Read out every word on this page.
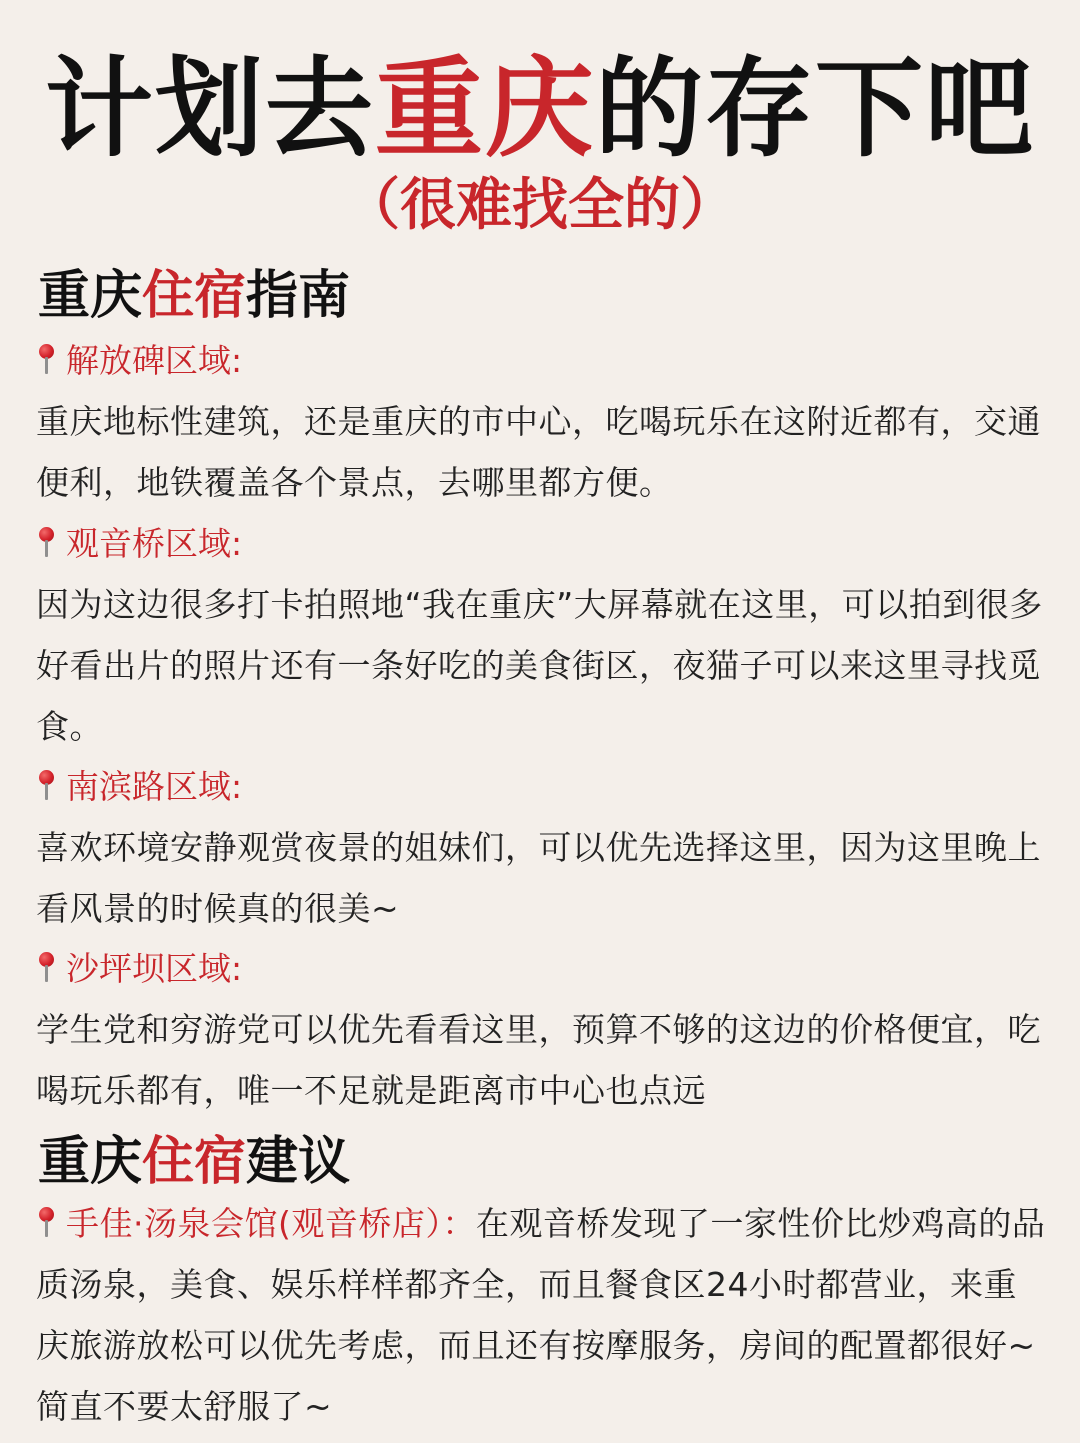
计划去重庆的存下吧
（很难找全的）
重庆住宿指南
解放碑区域:
重庆地标性建筑，还是重庆的市中心，吃喝玩乐在这附近都有，交通便利，地铁覆盖各个景点，去哪里都方便。
观音桥区域:
因为这边很多打卡拍照地“我在重庆”大屏幕就在这里，可以拍到很多好看出片的照片还有一条好吃的美食街区，夜猫子可以来这里寻找觅食。
南滨路区域:
喜欢环境安静观赏夜景的姐妹们，可以优先选择这里，因为这里晚上看风景的时候真的很美~
沙坪坝区域:
学生党和穷游党可以优先看看这里，预算不够的这边的价格便宜，吃喝玩乐都有，唯一不足就是距离市中心也点远
重庆住宿建议
手佳·汤泉会馆(观音桥店）：在观音桥发现了一家性价比炒鸡高的品质汤泉，美食、娱乐样样都齐全，而且餐食区24小时都营业，来重庆旅游放松可以优先考虑，而且还有按摩服务，房间的配置都很好~简直不要太舒服了~
